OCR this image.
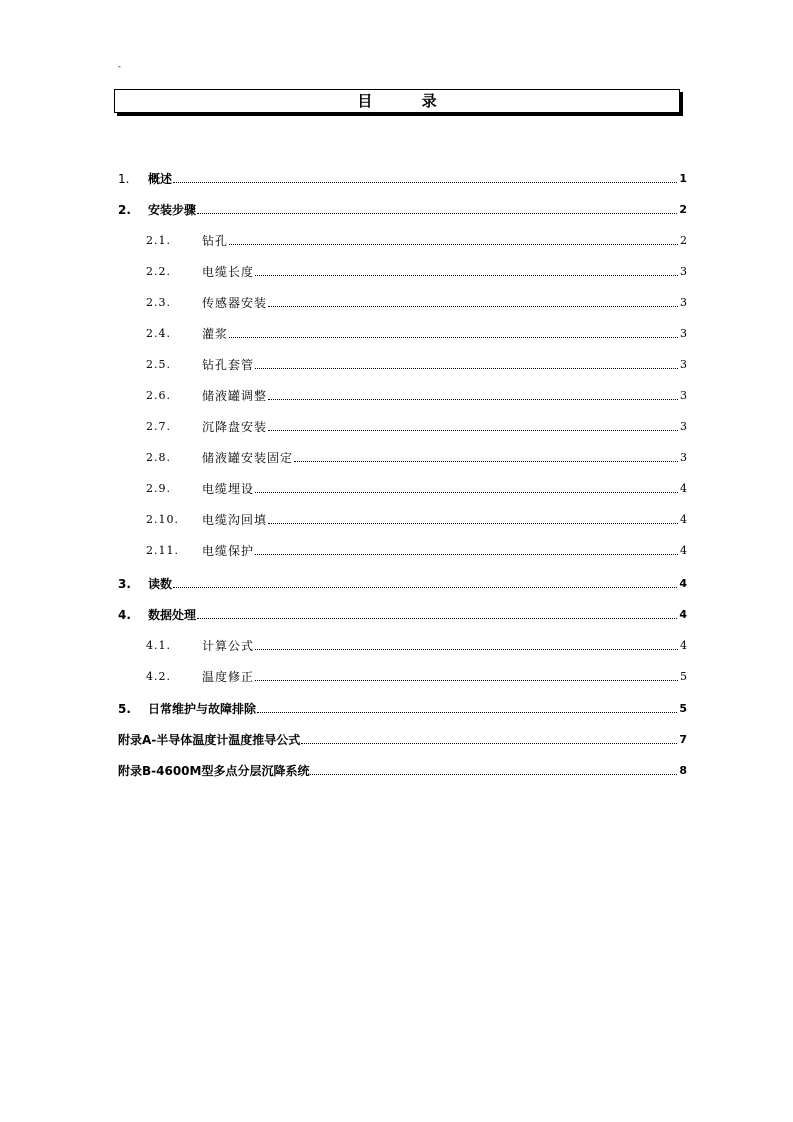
-
目 录
1.	概述	1
2.	安装步骤	2
2.1.	钻孔	2
2.2.	电缆长度	3
2.3.	传感器安装	3
2.4.	灌浆	3
2.5.	钻孔套管	3
2.6.	储液罐调整	3
2.7.	沉降盘安装	3
2.8.	储液罐安装固定	3
2.9.	电缆埋设	4
2.10.	电缆沟回填	4
2.11.	电缆保护	4
3.	读数	4
4.	数据处理	4
4.1.	计算公式	4
4.2.	温度修正	5
5.	日常维护与故障排除	5
附录A-半导体温度计温度推导公式	7
附录B-4600M型多点分层沉降系统	8
